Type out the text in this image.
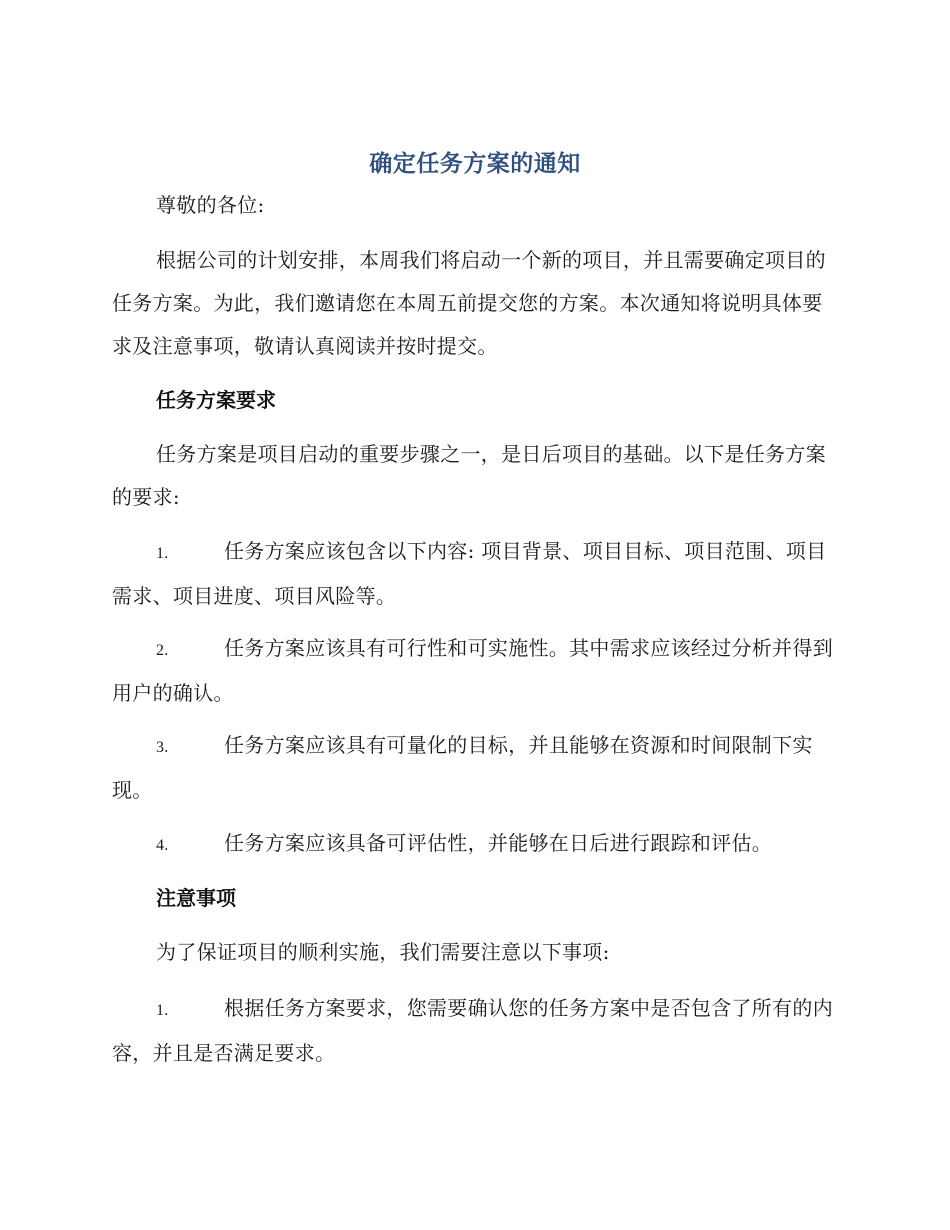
确定任务方案的通知

尊敬的各位:

根据公司的计划安排，本周我们将启动一个新的项目，并且需要确定项目的任务方案。为此，我们邀请您在本周五前提交您的方案。本次通知将说明具体要求及注意事项，敬请认真阅读并按时提交。

任务方案要求

任务方案是项目启动的重要步骤之一，是日后项目的基础。以下是任务方案的要求:

1.	任务方案应该包含以下内容: 项目背景、项目目标、项目范围、项目需求、项目进度、项目风险等。

2.	任务方案应该具有可行性和可实施性。其中需求应该经过分析并得到用户的确认。

3.	任务方案应该具有可量化的目标，并且能够在资源和时间限制下实现。

4.	任务方案应该具备可评估性，并能够在日后进行跟踪和评估。

注意事项

为了保证项目的顺利实施，我们需要注意以下事项:

1.	根据任务方案要求，您需要确认您的任务方案中是否包含了所有的内容，并且是否满足要求。
